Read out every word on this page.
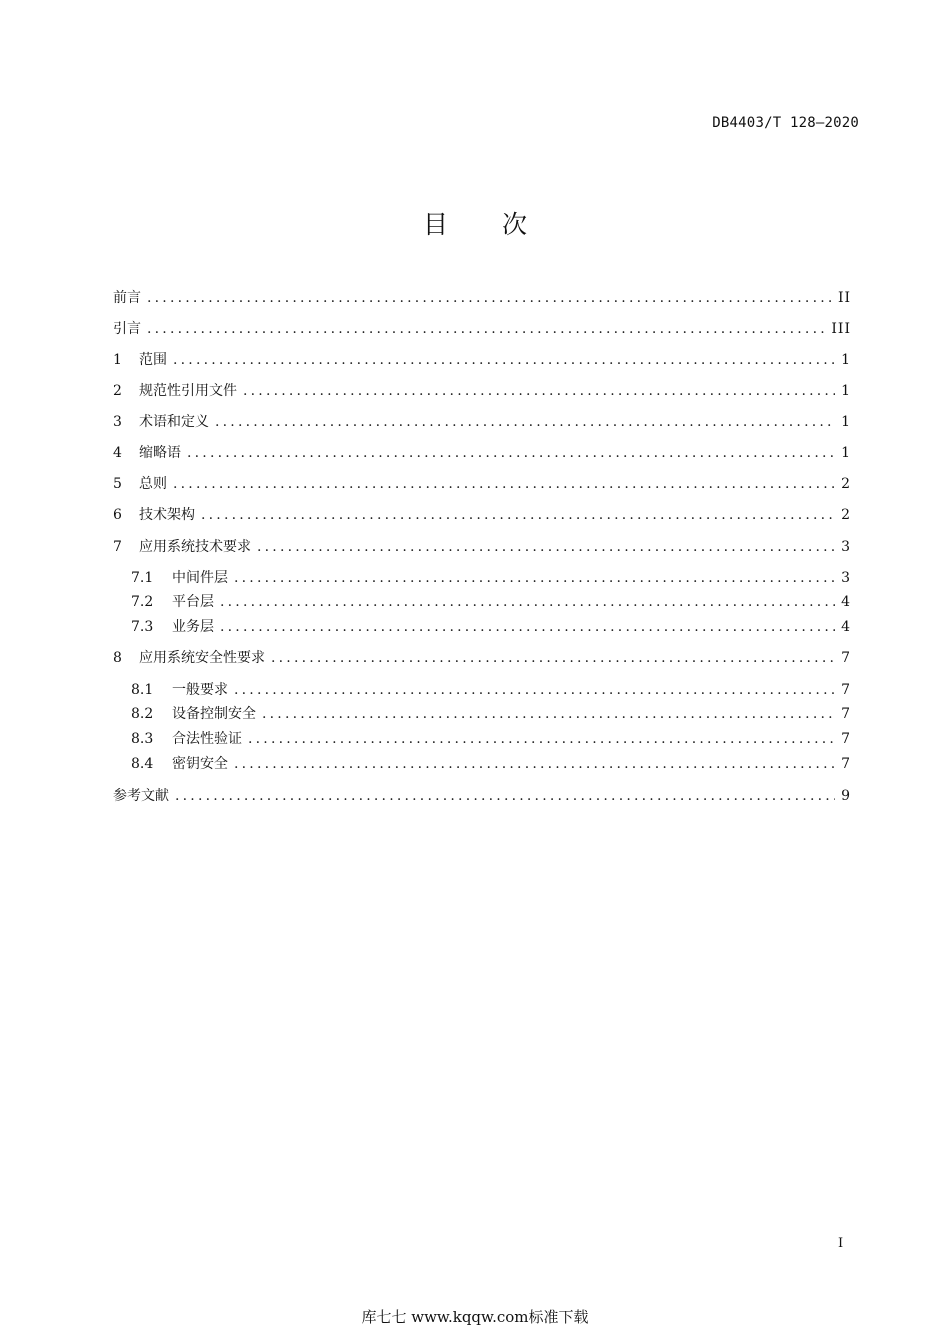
DB4403/T 128—2020
目 次
前言 .....	II
引言 .....	III
1	范围 .....	1
2	规范性引用文件 .....	1
3	术语和定义 .....	1
4	缩略语 .....	1
5	总则 .....	2
6	技术架构 .....	2
7	应用系统技术要求 .....	3
7.1	中间件层 .....	3
7.2	平台层 .....	4
7.3	业务层 .....	4
8	应用系统安全性要求 .....	7
8.1	一般要求 .....	7
8.2	设备控制安全 .....	7
8.3	合法性验证 .....	7
8.4	密钥安全 .....	7
参考文献 .....	9
I
库七七 www.kqqw.com标准下载
